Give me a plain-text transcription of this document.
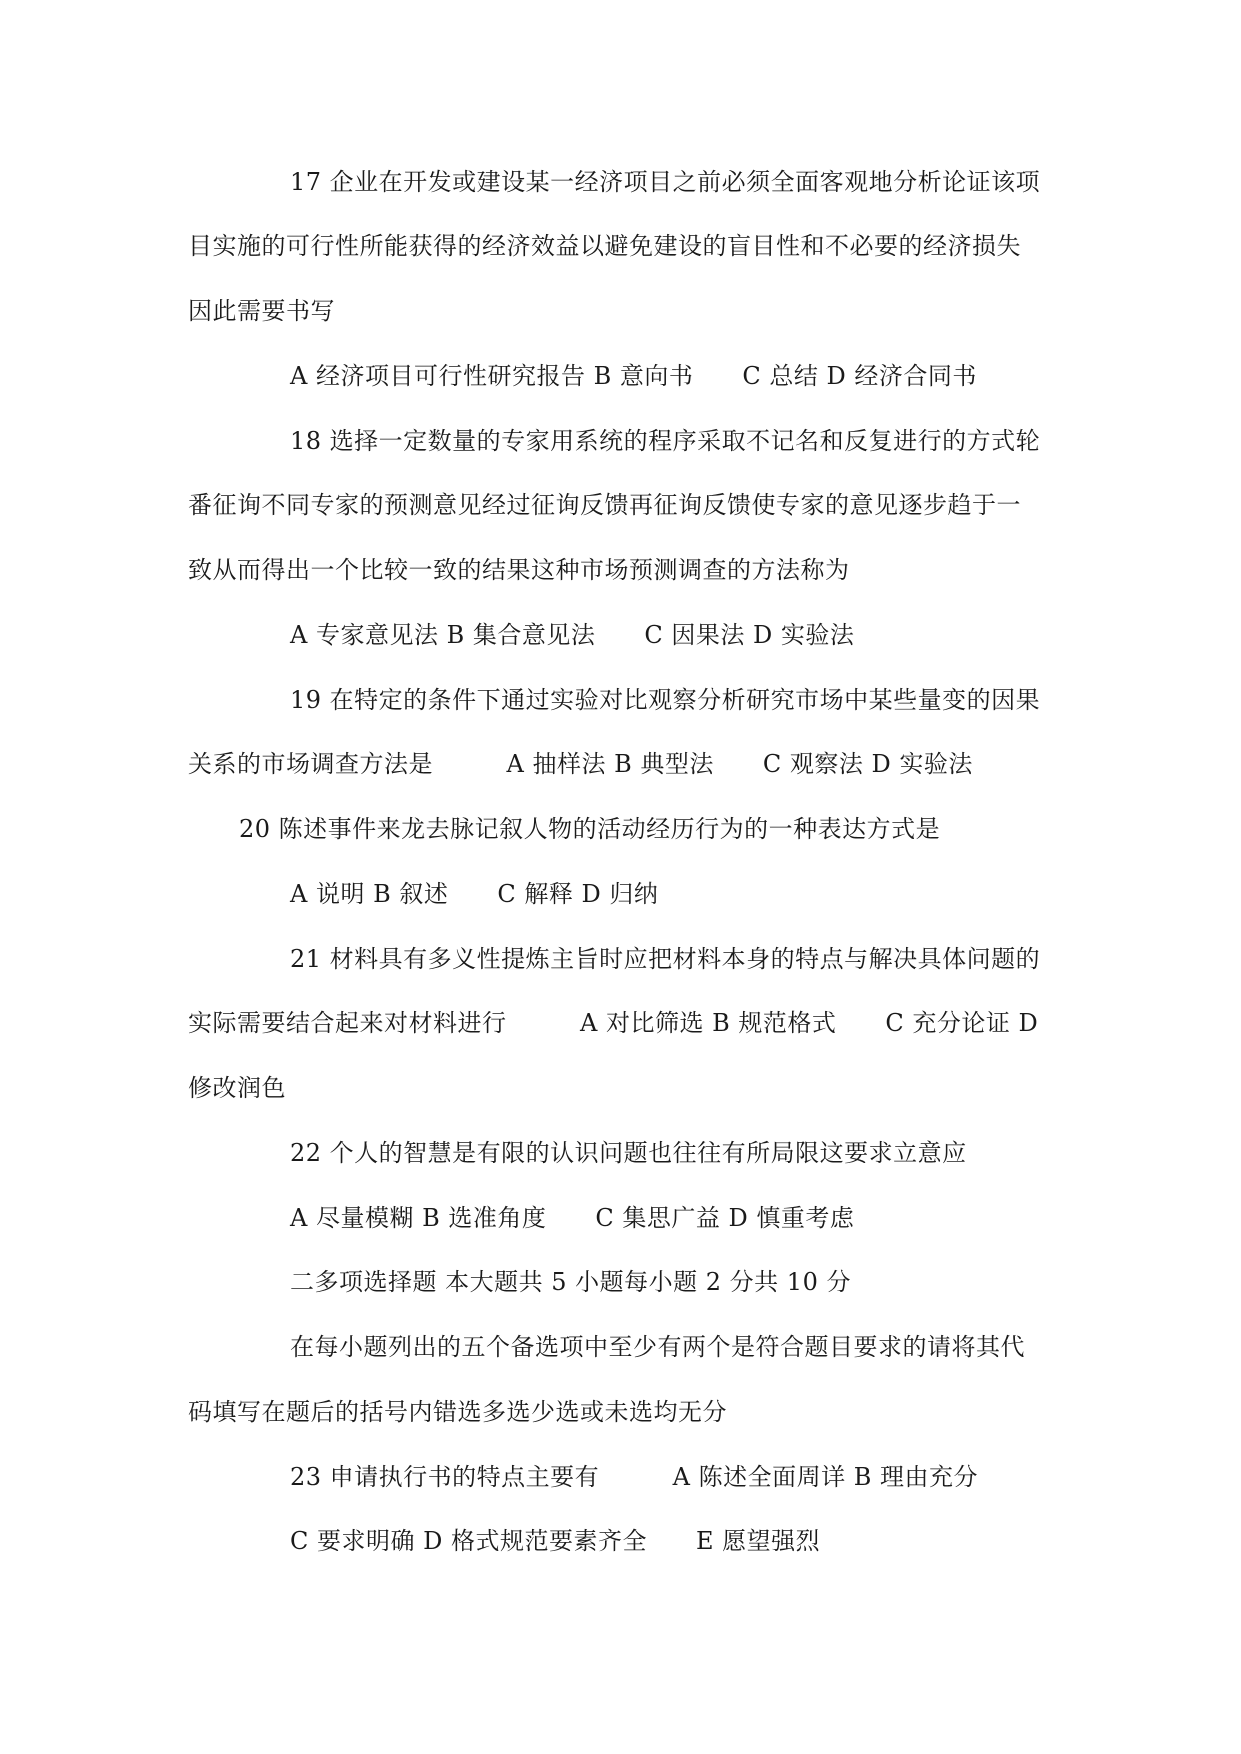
17 企业在开发或建设某一经济项目之前必须全面客观地分析论证该项
目实施的可行性所能获得的经济效益以避免建设的盲目性和不必要的经济损失
因此需要书写
A 经济项目可行性研究报告 B 意向书　　C 总结 D 经济合同书
18 选择一定数量的专家用系统的程序采取不记名和反复进行的方式轮
番征询不同专家的预测意见经过征询反馈再征询反馈使专家的意见逐步趋于一
致从而得出一个比较一致的结果这种市场预测调查的方法称为
A 专家意见法 B 集合意见法　　C 因果法 D 实验法
19 在特定的条件下通过实验对比观察分析研究市场中某些量变的因果
关系的市场调查方法是　　　A 抽样法 B 典型法　　C 观察法 D 实验法
20 陈述事件来龙去脉记叙人物的活动经历行为的一种表达方式是
A 说明 B 叙述　　C 解释 D 归纳
21 材料具有多义性提炼主旨时应把材料本身的特点与解决具体问题的
实际需要结合起来对材料进行　　　A 对比筛选 B 规范格式　　C 充分论证 D
修改润色
22 个人的智慧是有限的认识问题也往往有所局限这要求立意应
A 尽量模糊 B 选准角度　　C 集思广益 D 慎重考虑
二多项选择题 本大题共 5 小题每小题 2 分共 10 分
在每小题列出的五个备选项中至少有两个是符合题目要求的请将其代
码填写在题后的括号内错选多选少选或未选均无分
23 申请执行书的特点主要有　　　A 陈述全面周详 B 理由充分
C 要求明确 D 格式规范要素齐全　　E 愿望强烈
